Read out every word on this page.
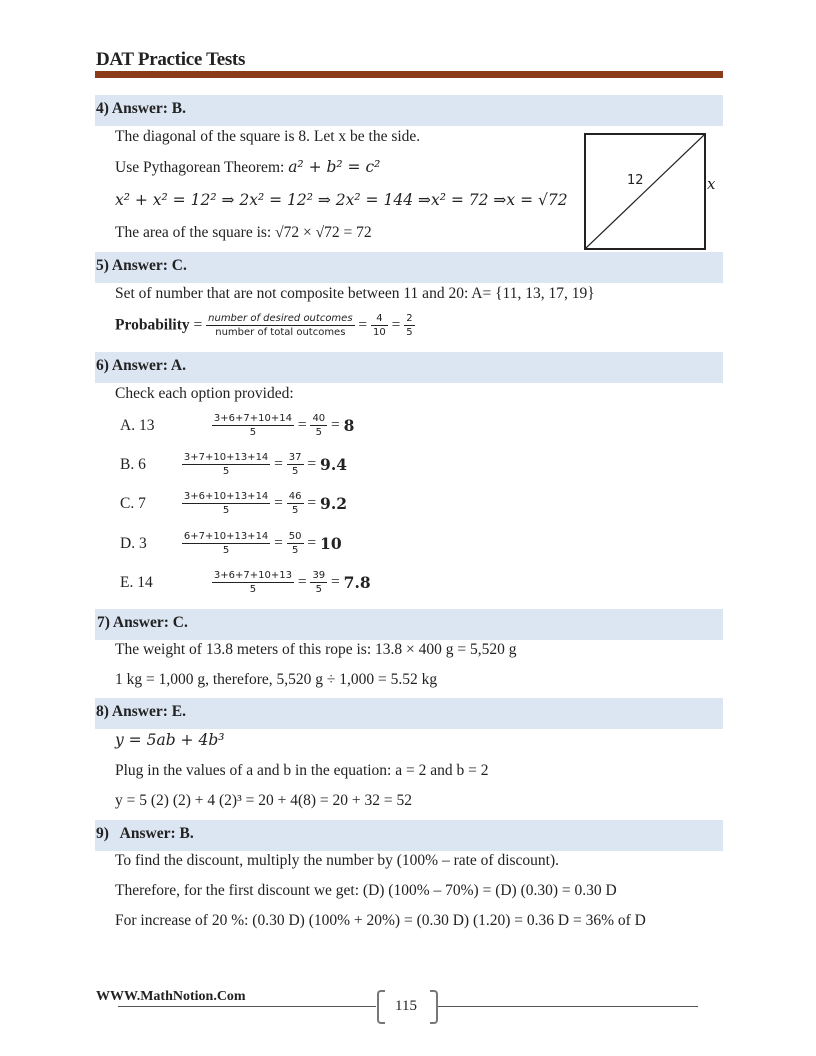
DAT Practice Tests
4) Answer: B.
The diagonal of the square is 8. Let x be the side.
Use Pythagorean Theorem: a² + b² = c²
x² + x² = 12² ⇒ 2x² = 12² ⇒ 2x² = 144 ⇒x² = 72 ⇒x = √72
The area of the square is: √72 × √72 = 72
12	x
5) Answer: C.
Set of number that are not composite between 11 and 20: A= {11, 13, 17, 19}
Probability = $\frac{\text{number of desired outcomes}}{\text{number of total outcomes}} = \frac{4}{10} = \frac{2}{5}$
6) Answer: A.
Check each option provided:
A. 13	$\frac{3+6+7+10+14}{5} = \frac{40}{5} = 8$
B. 6	$\frac{3+7+10+13+14}{5} = \frac{37}{5} = 9.4$
C. 7	$\frac{3+6+10+13+14}{5} = \frac{46}{5} = 9.2$
D. 3	$\frac{6+7+10+13+14}{5} = \frac{50}{5} = 10$
E. 14	$\frac{3+6+7+10+13}{5} = \frac{39}{5} = 7.8$
7) Answer: C.
The weight of 13.8 meters of this rope is: 13.8 × 400 g = 5,520 g
1 kg = 1,000 g, therefore, 5,520 g ÷ 1,000 = 5.52 kg
8) Answer: E.
y = 5ab + 4b³
Plug in the values of a and b in the equation: a = 2 and b = 2
y = 5 (2) (2) + 4 (2)³ = 20 + 4(8) = 20 + 32 = 52
9)   Answer: B.
To find the discount, multiply the number by (100% – rate of discount).
Therefore, for the first discount we get: (D) (100% – 70%) = (D) (0.30) = 0.30 D
For increase of 20 %: (0.30 D) (100% + 20%) = (0.30 D) (1.20) = 0.36 D = 36% of D
WWW.MathNotion.Com
115
